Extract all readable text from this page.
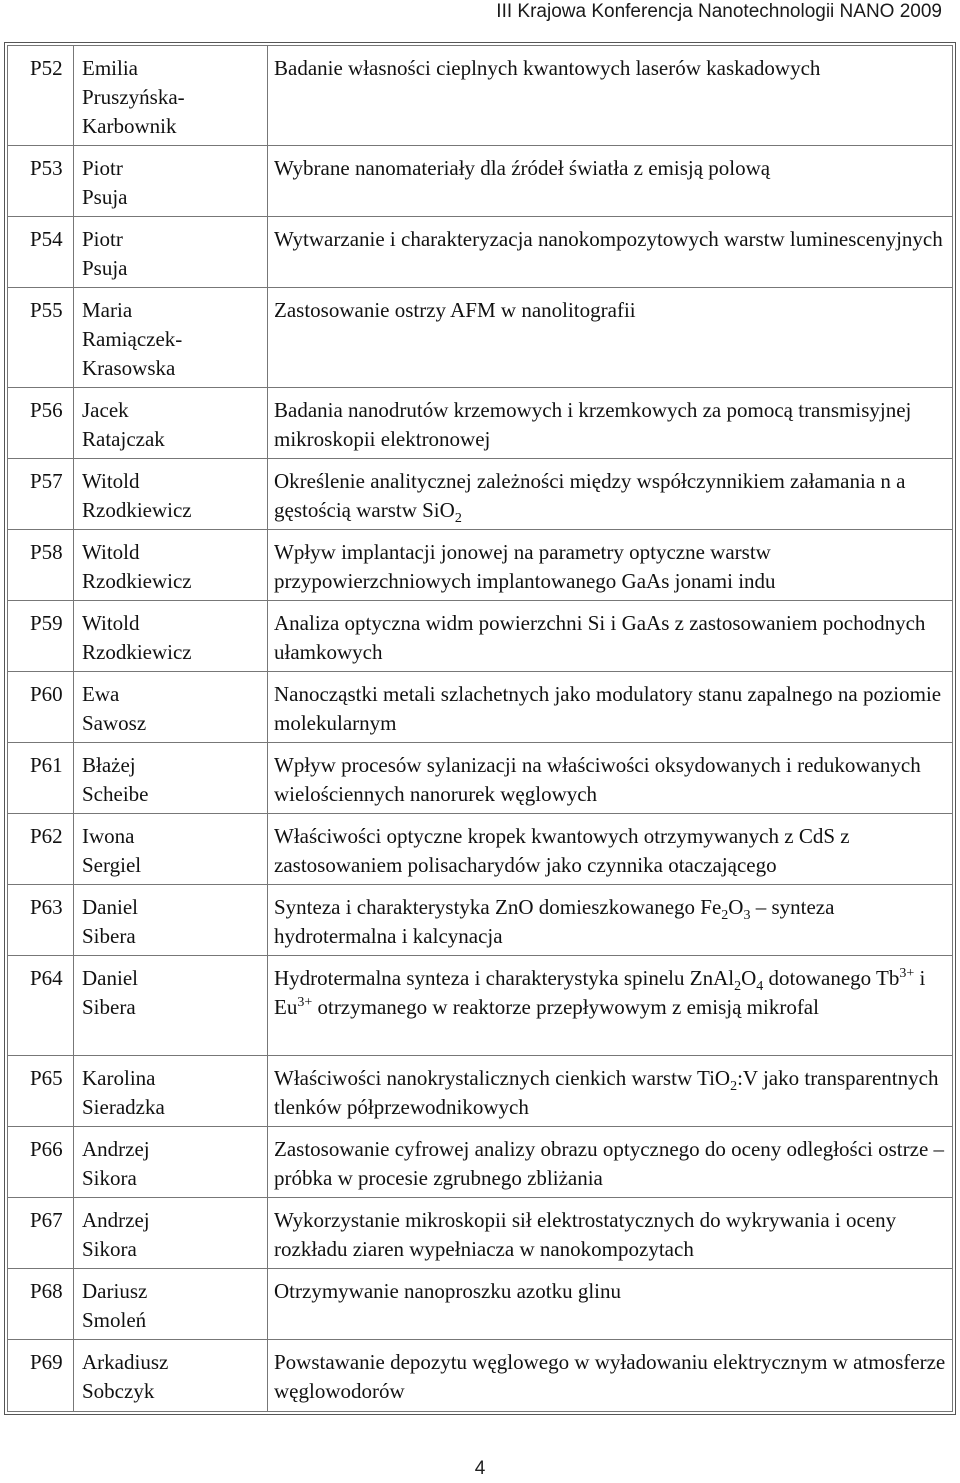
III Krajowa Konferencja Nanotechnologii NANO 2009
P52	Emilia
Pruszyńska-
Karbownik	Badanie własności cieplnych kwantowych laserów kaskadowych
P53	Piotr
Psuja	Wybrane nanomateriały dla źródeł światła z emisją polową
P54	Piotr
Psuja	Wytwarzanie i charakteryzacja nanokompozytowych warstw luminescenyjnych
P55	Maria
Ramiączek-
Krasowska	Zastosowanie ostrzy AFM w nanolitografii
P56	Jacek
Ratajczak	Badania nanodrutów krzemowych i krzemkowych za pomocą transmisyjnej mikroskopii elektronowej
P57	Witold
Rzodkiewicz	Określenie analitycznej zależności między współczynnikiem załamania n a gęstością warstw SiO$_2$
P58	Witold
Rzodkiewicz	Wpływ implantacji jonowej na parametry optyczne warstw przypowierzchniowych implantowanego GaAs jonami indu
P59	Witold
Rzodkiewicz	Analiza optyczna widm powierzchni Si i GaAs z zastosowaniem pochodnych ułamkowych
P60	Ewa
Sawosz	Nanocząstki metali szlachetnych jako modulatory stanu zapalnego na poziomie molekularnym
P61	Błażej
Scheibe	Wpływ procesów sylanizacji na właściwości oksydowanych i redukowanych wielościennych nanorurek węglowych
P62	Iwona
Sergiel	Właściwości optyczne kropek kwantowych otrzymywanych z CdS z zastosowaniem polisacharydów jako czynnika otaczającego
P63	Daniel
Sibera	Synteza i charakterystyka ZnO domieszkowanego $Fe_2O_3$ – synteza hydrotermalna i kalcynacja
P64	Daniel
Sibera	Hydrotermalna synteza i charakterystyka spinelu $ZnAl_2O_4$ dotowanego $Tb^{3+}$ i $Eu^{3+}$ otrzymanego w reaktorze przepływowym z emisją mikrofal
P65	Karolina
Sieradzka	Właściwości nanokrystalicznych cienkich warstw TiO$_2$:V jako transparentnych tlenków półprzewodnikowych
P66	Andrzej
Sikora	Zastosowanie cyfrowej analizy obrazu optycznego do oceny odległości ostrze – próbka w procesie zgrubnego zbliżania
P67	Andrzej
Sikora	Wykorzystanie mikroskopii sił elektrostatycznych do wykrywania i oceny rozkładu ziaren wypełniacza w nanokompozytach
P68	Dariusz
Smoleń	Otrzymywanie nanoproszku azotku glinu
P69	Arkadiusz
Sobczyk	Powstawanie depozytu węglowego w wyładowaniu elektrycznym w atmosferze węglowodorów
4
